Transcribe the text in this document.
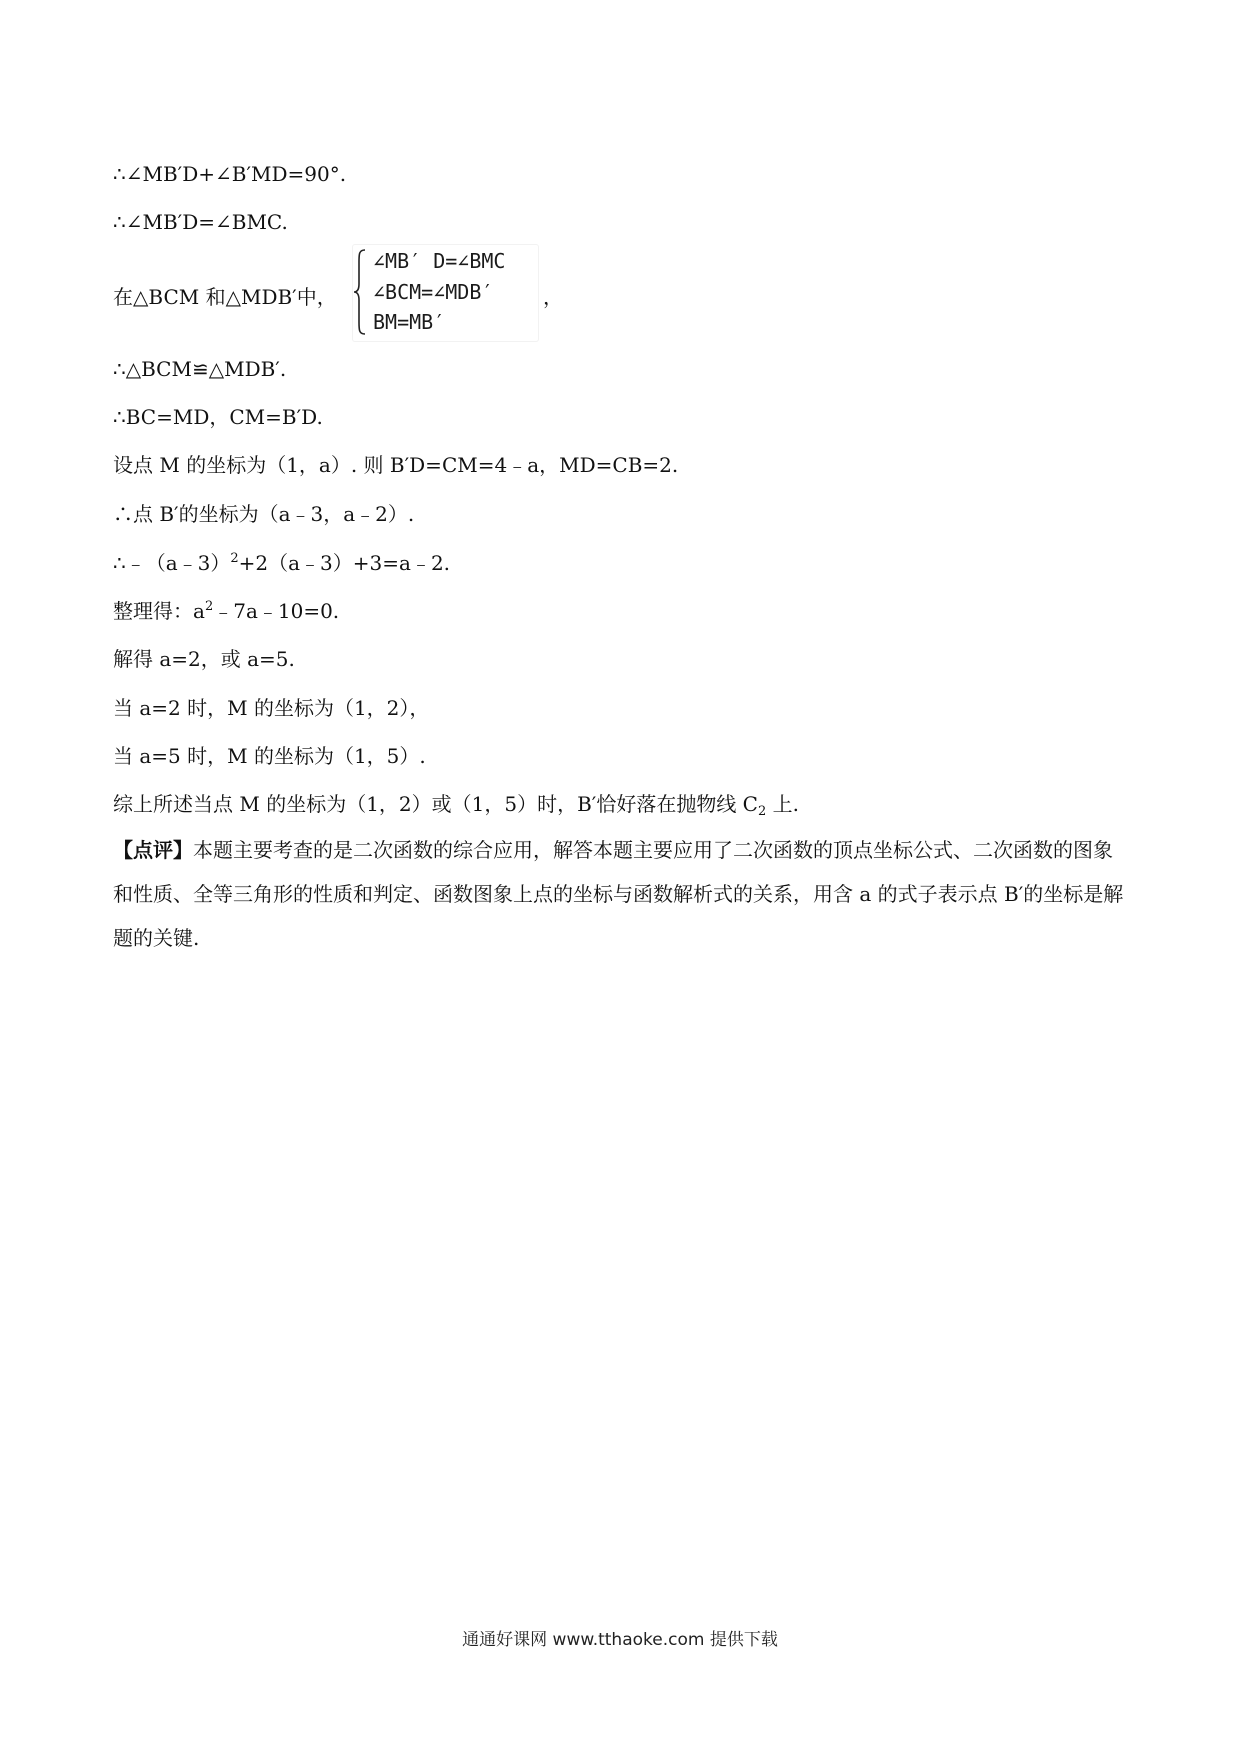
∴∠MB′D+∠B′MD=90°.
∴∠MB′D=∠BMC.
在△BCM 和△MDB′中，
∠MB′ D=∠BMC
∠BCM=∠MDB′
BM=MB′
，
∴△BCM≌△MDB′.
∴BC=MD，CM=B′D.
设点 M 的坐标为（1，a）. 则 B′D=CM=4﹣a，MD=CB=2.
∴点 B′的坐标为（a﹣3，a﹣2）.
∴﹣（a﹣3）$^2$+2（a﹣3）+3=a﹣2.
整理得：$a^2﹣7a﹣10=0$.
解得 a=2，或 a=5.
当 a=2 时，M 的坐标为（1，2），
当 a=5 时，M 的坐标为（1，5）.
综上所述当点 M 的坐标为（1，2）或（1，5）时，B′恰好落在抛物线 $C_2$ 上.
【点评】本题主要考查的是二次函数的综合应用，解答本题主要应用了二次函数的顶点坐标公式、二次函数的图象和性质、全等三角形的性质和判定、函数图象上点的坐标与函数解析式的关系，用含 a 的式子表示点 B′的坐标是解题的关键.
通通好课网 www.tthaoke.com 提供下载
